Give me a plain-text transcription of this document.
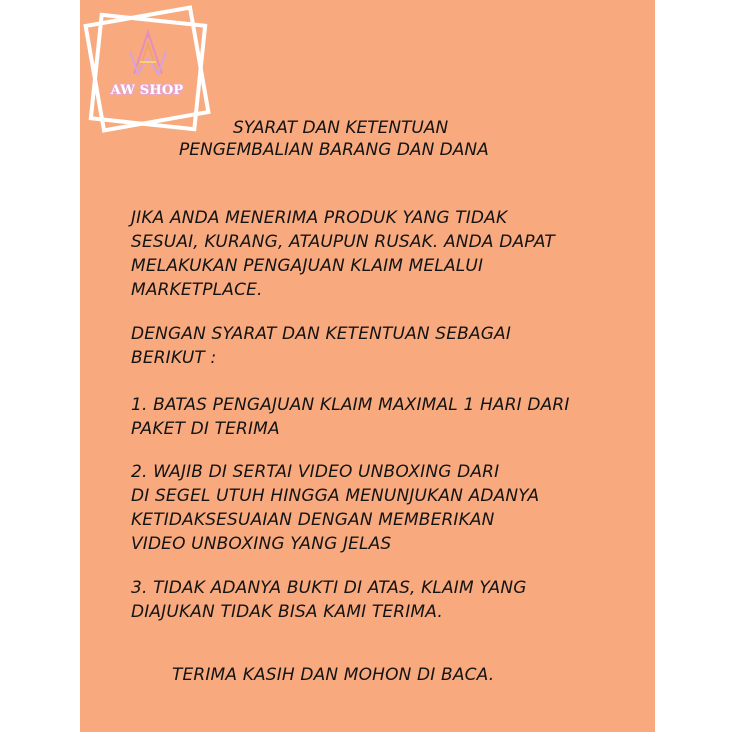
AW SHOP
SYARAT DAN KETENTUAN
PENGEMBALIAN BARANG DAN DANA
JIKA ANDA MENERIMA PRODUK YANG TIDAK
SESUAI, KURANG, ATAUPUN RUSAK. ANDA DAPAT
MELAKUKAN PENGAJUAN KLAIM MELALUI
MARKETPLACE.
DENGAN SYARAT DAN KETENTUAN SEBAGAI
BERIKUT :
1. BATAS PENGAJUAN KLAIM MAXIMAL 1 HARI DARI
PAKET DI TERIMA
2. WAJIB DI SERTAI VIDEO UNBOXING DARI
DI SEGEL UTUH HINGGA MENUNJUKAN ADANYA
KETIDAKSESUAIAN DENGAN MEMBERIKAN
VIDEO UNBOXING YANG JELAS
3. TIDAK ADANYA BUKTI DI ATAS, KLAIM YANG
DIAJUKAN TIDAK BISA KAMI TERIMA.
TERIMA KASIH DAN MOHON DI BACA.
